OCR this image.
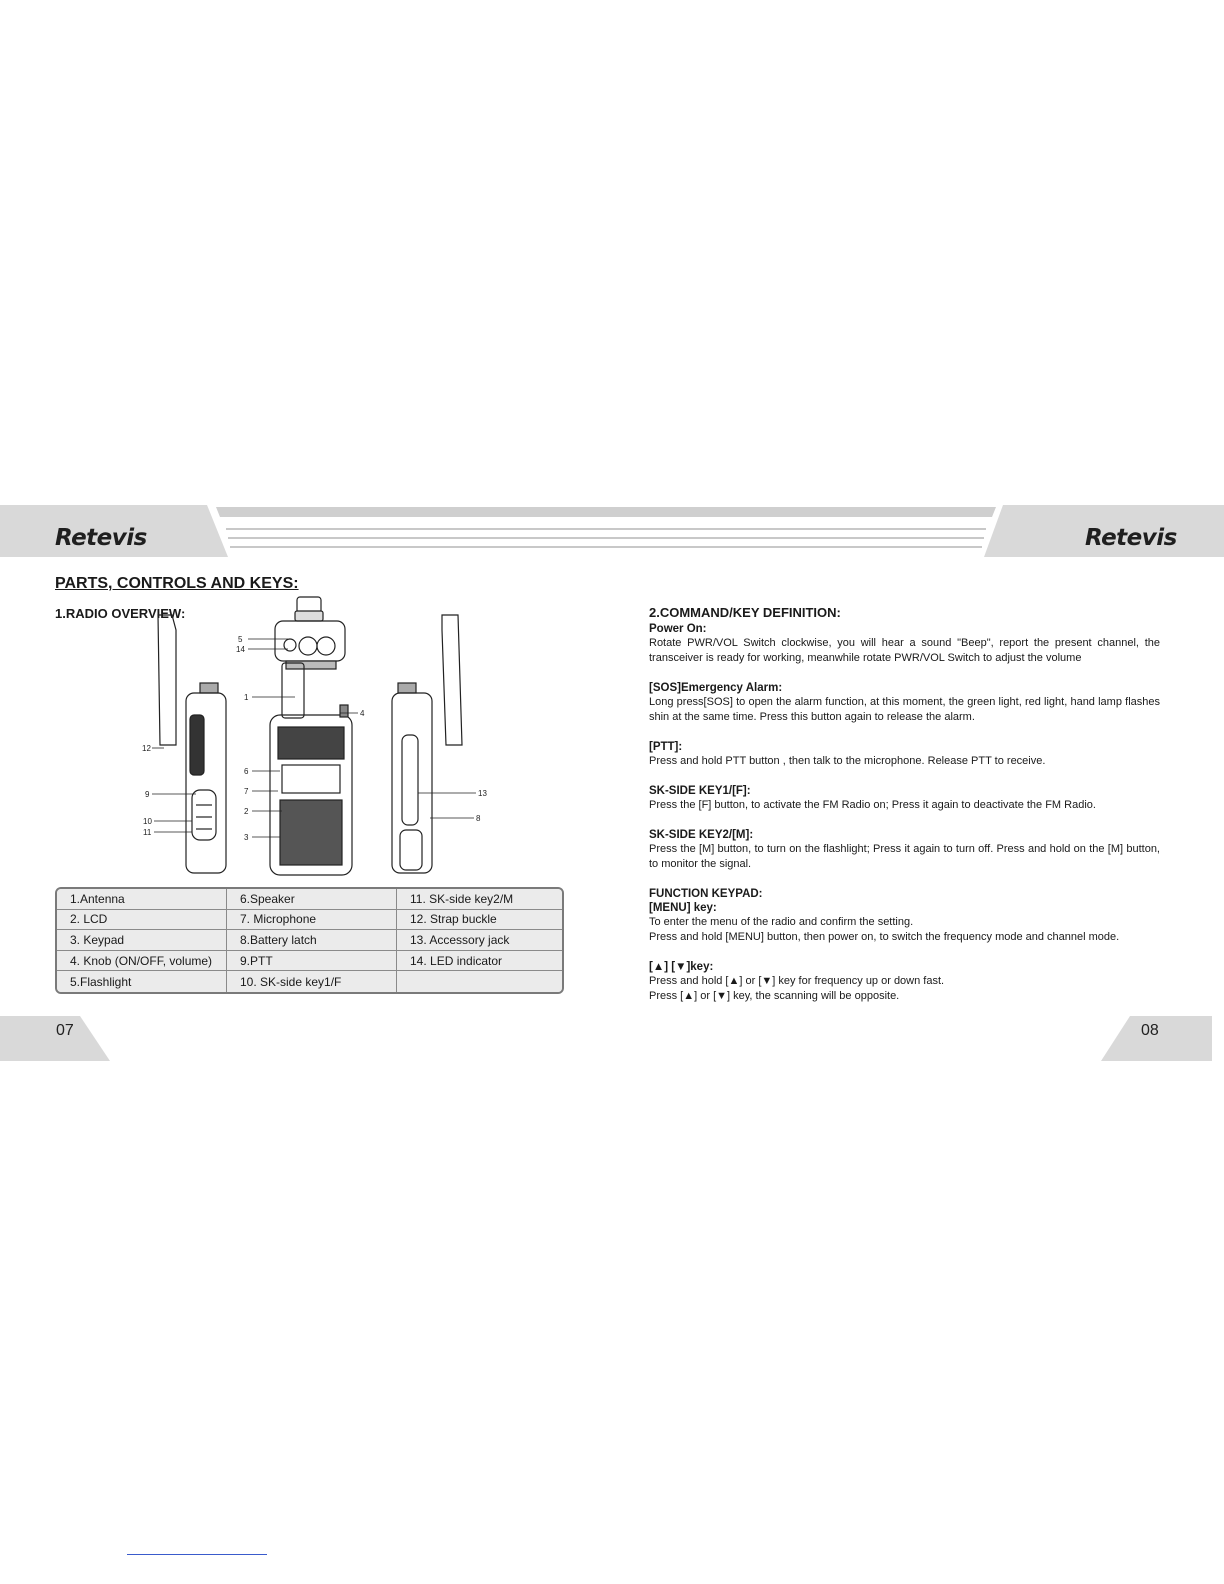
Retevis	Retevis
PARTS, CONTROLS AND KEYS:
1.RADIO OVERVIEW:
5
14
1
4
12
9
10
11
6
7
2
3
13
8
1.Antenna	6.Speaker	11. SK-side key2/M
2. LCD	7. Microphone	12. Strap buckle
3. Keypad	8.Battery latch	13. Accessory jack
4. Knob (ON/OFF, volume)	9.PTT	14. LED indicator
5.Flashlight	10. SK-side key1/F
2.COMMAND/KEY DEFINITION:
Power On:
Rotate PWR/VOL Switch clockwise, you will hear a sound "Beep", report the present channel, the transceiver is ready for working, meanwhile rotate PWR/VOL Switch to adjust the volume
[SOS]Emergency Alarm:
Long press[SOS] to open the alarm function, at this moment, the green light, red light, hand lamp flashes shin at the same time. Press this button again to release the alarm.
[PTT]:
Press and hold PTT button , then talk to the microphone. Release PTT to receive.
SK-SIDE KEY1/[F]:
Press the [F] button, to activate the FM Radio on; Press it again to deactivate the FM Radio.
SK-SIDE KEY2/[M]:
Press the [M] button, to turn on the flashlight; Press it again to turn off. Press and hold on the [M] button, to monitor the signal.
FUNCTION KEYPAD:
[MENU] key:
To enter the menu of the radio and confirm the setting.
Press and hold [MENU] button, then power on, to switch the frequency mode and channel mode.
[▲] [▼]key:
Press and hold [▲] or [▼] key for frequency up or down fast.
Press [▲] or [▼] key, the scanning will be opposite.
07	08
